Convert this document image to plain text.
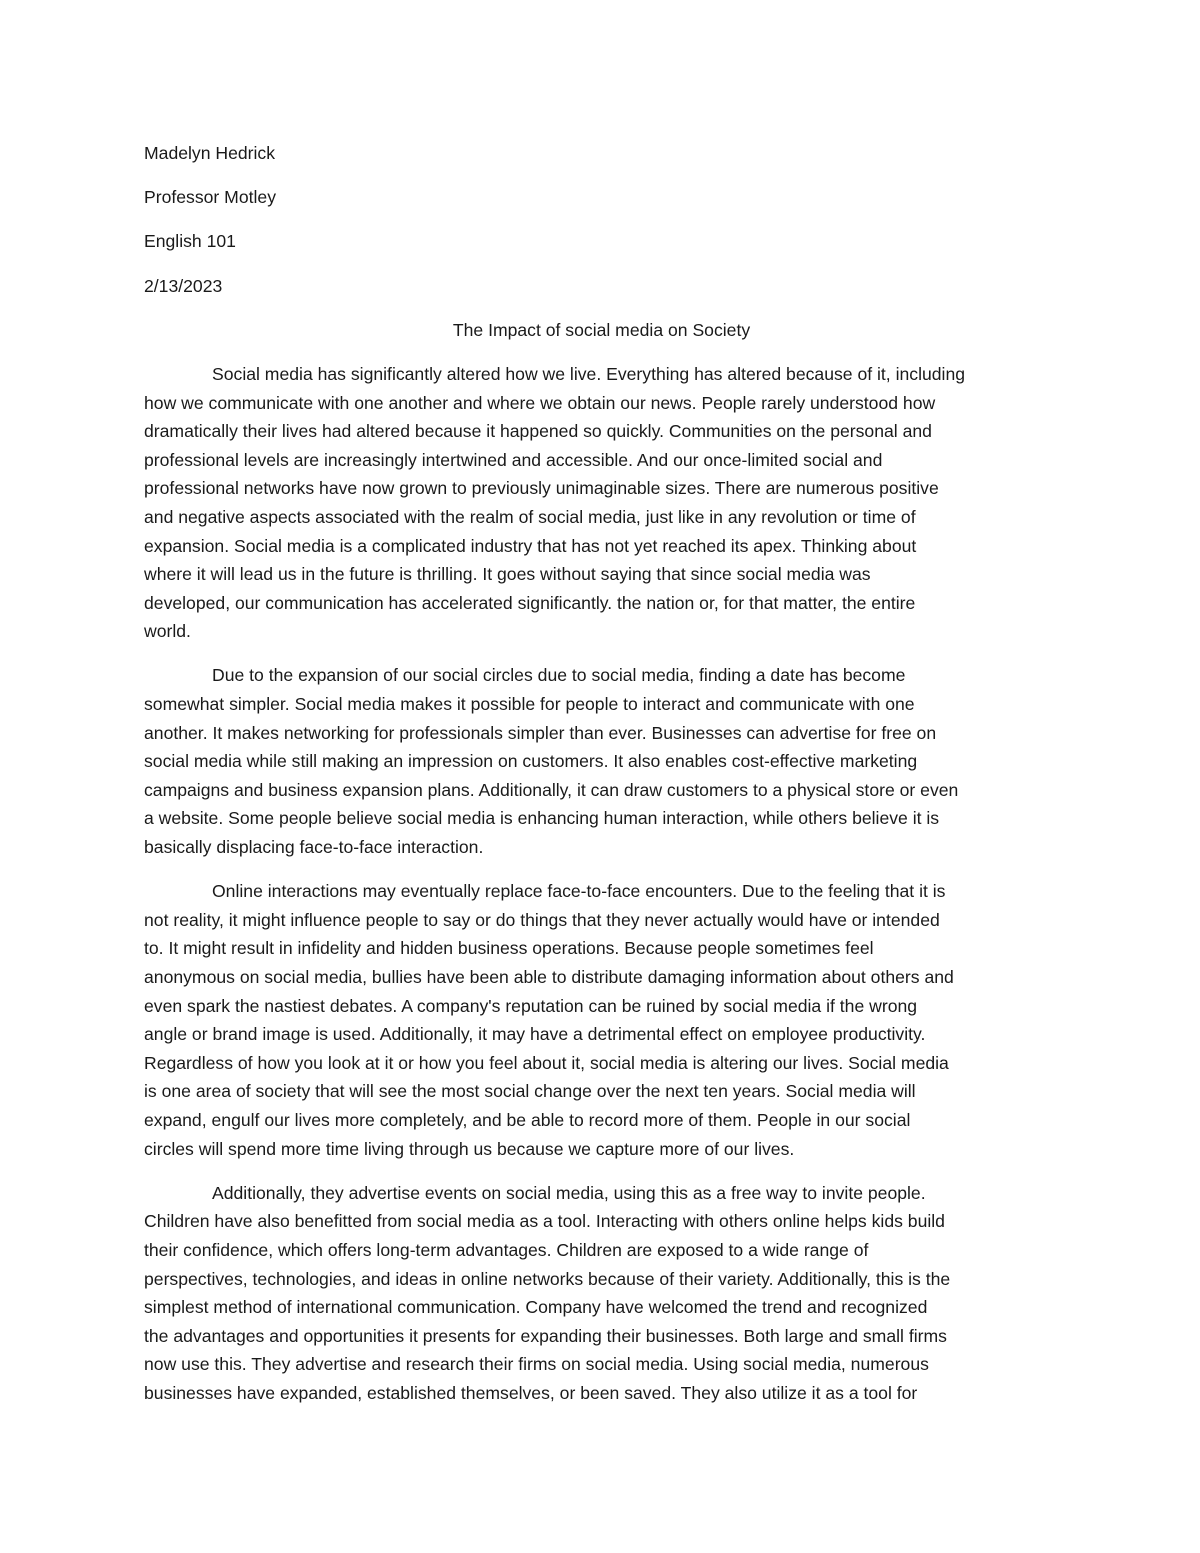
Madelyn Hedrick
Professor Motley
English 101
2/13/2023
The Impact of social media on Society
Social media has significantly altered how we live. Everything has altered because of it, including
how we communicate with one another and where we obtain our news. People rarely understood how
dramatically their lives had altered because it happened so quickly. Communities on the personal and
professional levels are increasingly intertwined and accessible. And our once-limited social and
professional networks have now grown to previously unimaginable sizes. There are numerous positive
and negative aspects associated with the realm of social media, just like in any revolution or time of
expansion. Social media is a complicated industry that has not yet reached its apex. Thinking about
where it will lead us in the future is thrilling. It goes without saying that since social media was
developed, our communication has accelerated significantly. the nation or, for that matter, the entire
world.
Due to the expansion of our social circles due to social media, finding a date has become
somewhat simpler. Social media makes it possible for people to interact and communicate with one
another. It makes networking for professionals simpler than ever. Businesses can advertise for free on
social media while still making an impression on customers. It also enables cost-effective marketing
campaigns and business expansion plans. Additionally, it can draw customers to a physical store or even
a website. Some people believe social media is enhancing human interaction, while others believe it is
basically displacing face-to-face interaction.
Online interactions may eventually replace face-to-face encounters. Due to the feeling that it is
not reality, it might influence people to say or do things that they never actually would have or intended
to. It might result in infidelity and hidden business operations. Because people sometimes feel
anonymous on social media, bullies have been able to distribute damaging information about others and
even spark the nastiest debates. A company's reputation can be ruined by social media if the wrong
angle or brand image is used. Additionally, it may have a detrimental effect on employee productivity.
Regardless of how you look at it or how you feel about it, social media is altering our lives. Social media
is one area of society that will see the most social change over the next ten years. Social media will
expand, engulf our lives more completely, and be able to record more of them. People in our social
circles will spend more time living through us because we capture more of our lives.
Additionally, they advertise events on social media, using this as a free way to invite people.
Children have also benefitted from social media as a tool. Interacting with others online helps kids build
their confidence, which offers long-term advantages. Children are exposed to a wide range of
perspectives, technologies, and ideas in online networks because of their variety. Additionally, this is the
simplest method of international communication. Company have welcomed the trend and recognized
the advantages and opportunities it presents for expanding their businesses. Both large and small firms
now use this. They advertise and research their firms on social media. Using social media, numerous
businesses have expanded, established themselves, or been saved. They also utilize it as a tool for
